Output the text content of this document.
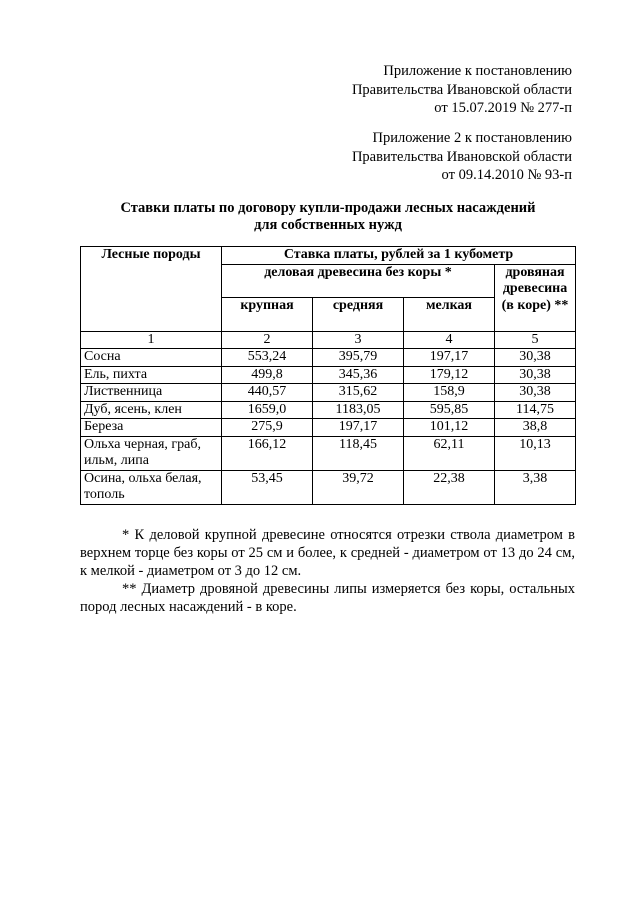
Приложение к постановлению
Правительства Ивановской области
от 15.07.2019 № 277-п
Приложение 2 к постановлению
Правительства Ивановской области
от 09.14.2010 № 93-п
Ставки платы по договору купли-продажи лесных насаждений
для собственных нужд
Лесные породы	Ставка платы, рублей за 1 кубометр			
	деловая древесина без коры *			дровяная древесина (в коре) **
	крупная	средняя	мелкая	
1	2	3	4	5
Сосна	553,24	395,79	197,17	30,38
Ель, пихта	499,8	345,36	179,12	30,38
Лиственница	440,57	315,62	158,9	30,38
Дуб, ясень, клен	1659,0	1183,05	595,85	114,75
Береза	275,9	197,17	101,12	38,8
Ольха черная, граб, ильм, липа	166,12	118,45	62,11	10,13
Осина, ольха белая, тополь	53,45	39,72	22,38	3,38

* К деловой крупной древесине относятся отрезки ствола диаметром в верхнем торце без коры от 25 см и более, к средней - диаметром от 13 до 24 см, к мелкой - диаметром от 3 до 12 см.

** Диаметр дровяной древесины липы измеряется без коры, остальных пород лесных насаждений - в коре.
